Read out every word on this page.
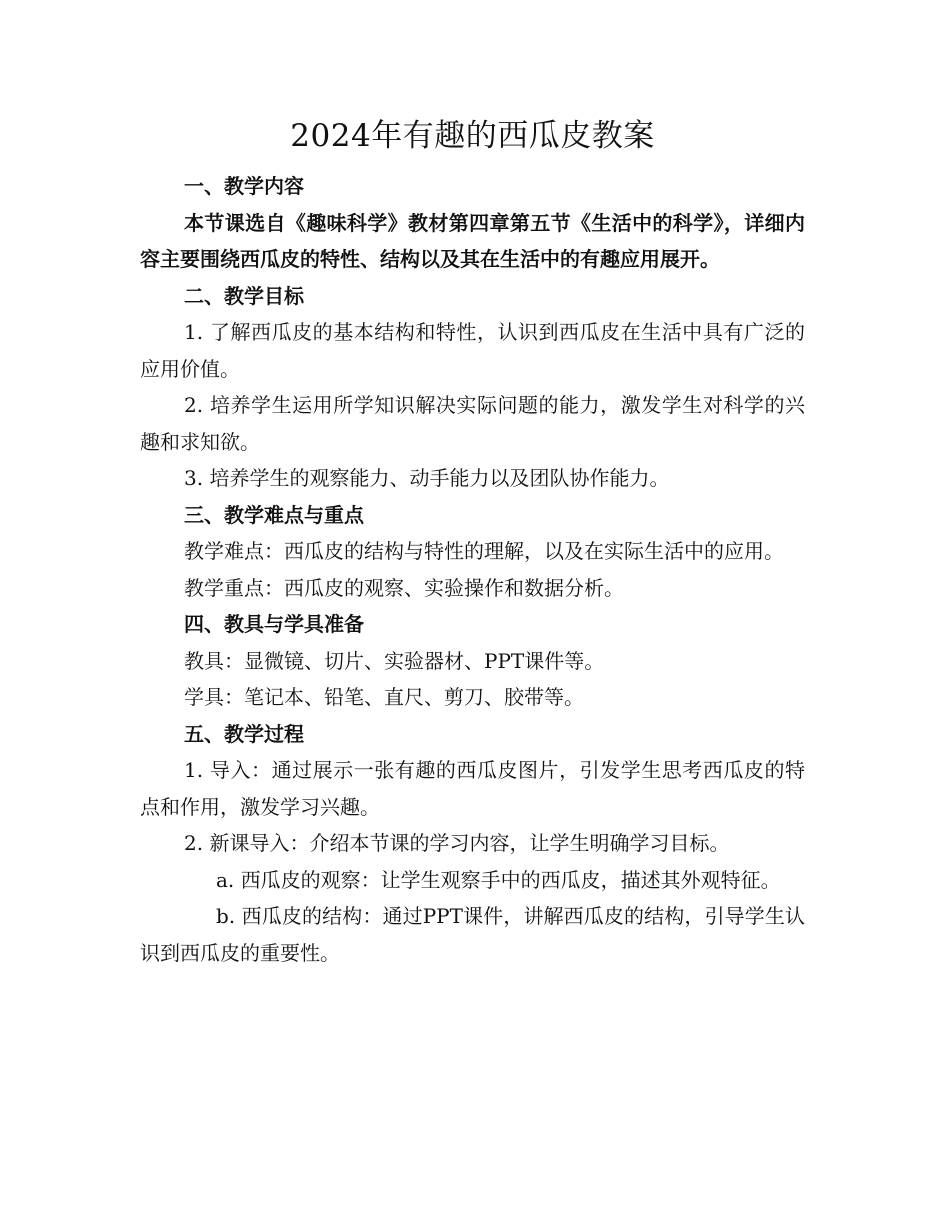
2024年有趣的西瓜皮教案

一、教学内容

本节课选自《趣味科学》教材第四章第五节《生活中的科学》，详细内容主要围绕西瓜皮的特性、结构以及其在生活中的有趣应用展开。

二、教学目标

1. 了解西瓜皮的基本结构和特性，认识到西瓜皮在生活中具有广泛的应用价值。

2. 培养学生运用所学知识解决实际问题的能力，激发学生对科学的兴趣和求知欲。

3. 培养学生的观察能力、动手能力以及团队协作能力。

三、教学难点与重点

教学难点：西瓜皮的结构与特性的理解，以及在实际生活中的应用。

教学重点：西瓜皮的观察、实验操作和数据分析。

四、教具与学具准备

教具：显微镜、切片、实验器材、PPT课件等。

学具：笔记本、铅笔、直尺、剪刀、胶带等。

五、教学过程

1. 导入：通过展示一张有趣的西瓜皮图片，引发学生思考西瓜皮的特点和作用，激发学习兴趣。

2. 新课导入：介绍本节课的学习内容，让学生明确学习目标。

a. 西瓜皮的观察：让学生观察手中的西瓜皮，描述其外观特征。

b. 西瓜皮的结构：通过PPT课件，讲解西瓜皮的结构，引导学生认识到西瓜皮的重要性。
